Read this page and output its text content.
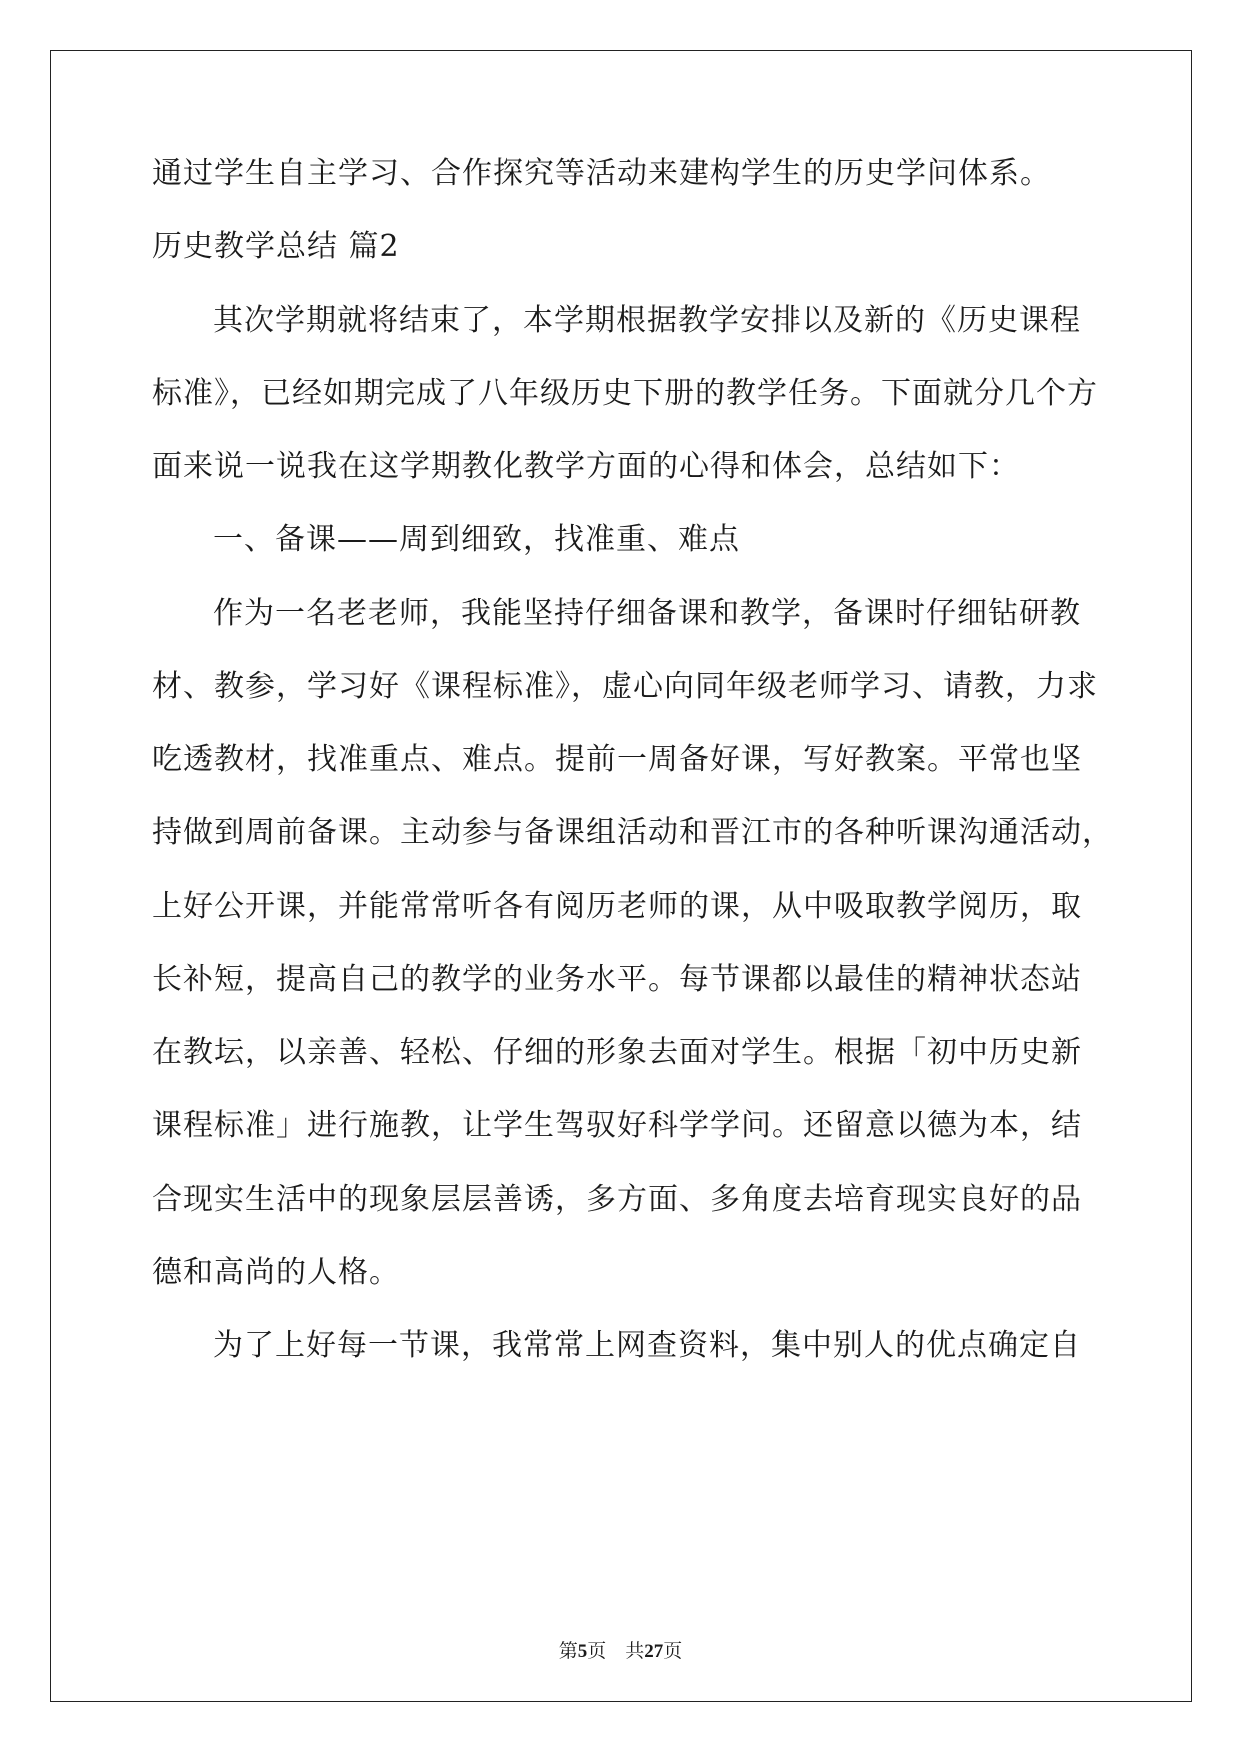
通过学生自主学习、合作探究等活动来建构学生的历史学问体系。
历史教学总结 篇2
其次学期就将结束了，本学期根据教学安排以及新的《历史课程
标准》，已经如期完成了八年级历史下册的教学任务。下面就分几个方
面来说一说我在这学期教化教学方面的心得和体会，总结如下：
一、备课——周到细致，找准重、难点
作为一名老老师，我能坚持仔细备课和教学，备课时仔细钻研教
材、教参，学习好《课程标准》，虚心向同年级老师学习、请教，力求
吃透教材，找准重点、难点。提前一周备好课，写好教案。平常也坚
持做到周前备课。主动参与备课组活动和晋江市的各种听课沟通活动，
上好公开课，并能常常听各有阅历老师的课，从中吸取教学阅历，取
长补短，提高自己的教学的业务水平。每节课都以最佳的精神状态站
在教坛，以亲善、轻松、仔细的形象去面对学生。根据「初中历史新
课程标准」进行施教，让学生驾驭好科学学问。还留意以德为本，结
合现实生活中的现象层层善诱，多方面、多角度去培育现实良好的品
德和高尚的人格。
为了上好每一节课，我常常上网查资料，集中别人的优点确定自
第5页 共27页
